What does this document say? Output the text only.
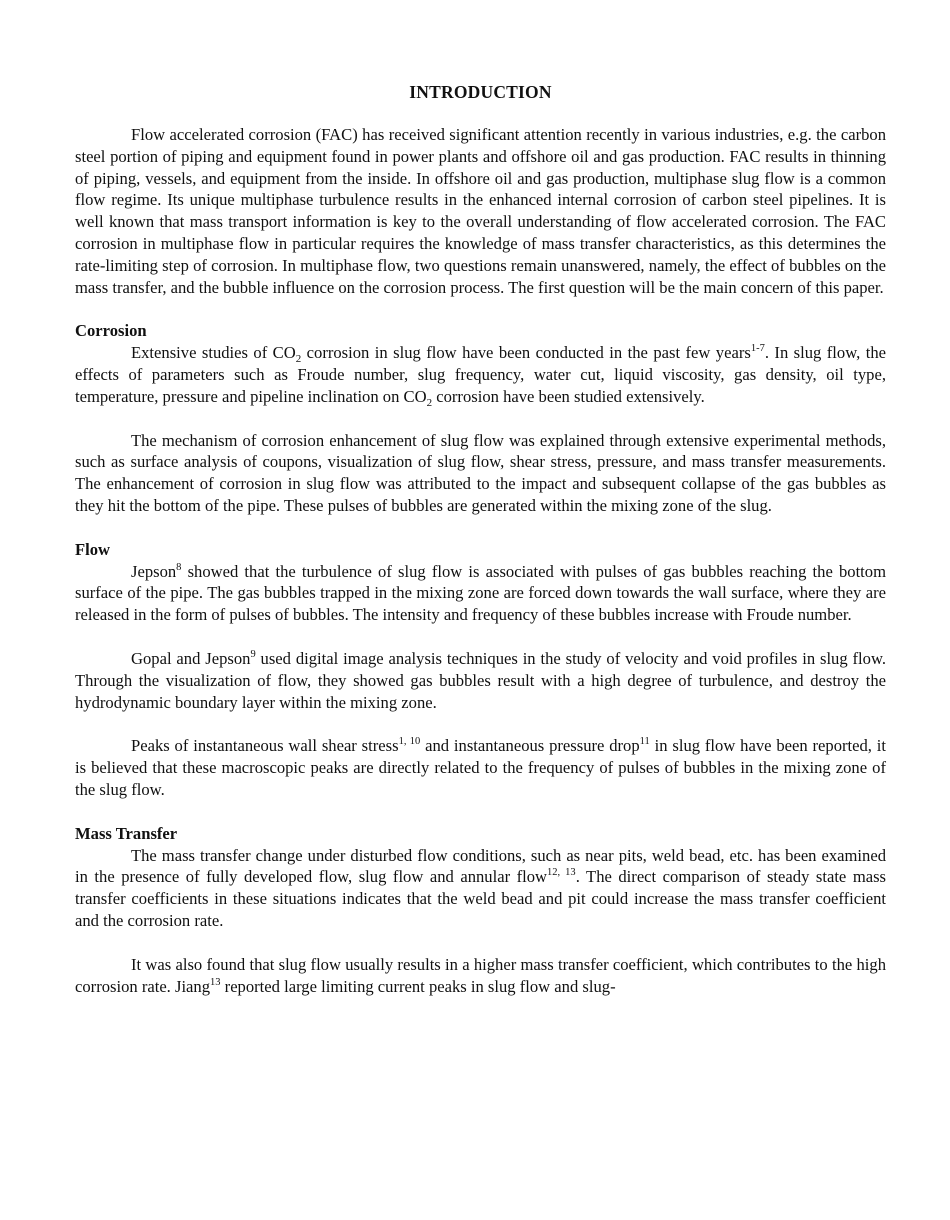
INTRODUCTION

Flow accelerated corrosion (FAC) has received significant attention recently in various industries, e.g. the carbon steel portion of piping and equipment found in power plants and offshore oil and gas production. FAC results in thinning of piping, vessels, and equipment from the inside. In offshore oil and gas production, multiphase slug flow is a common flow regime. Its unique multiphase turbulence results in the enhanced internal corrosion of carbon steel pipelines. It is well known that mass transport information is key to the overall understanding of flow accelerated corrosion. The FAC corrosion in multiphase flow in particular requires the knowledge of mass transfer characteristics, as this determines the rate-limiting step of corrosion. In multiphase flow, two questions remain unanswered, namely, the effect of bubbles on the mass transfer, and the bubble influence on the corrosion process. The first question will be the main concern of this paper.

Corrosion

Extensive studies of $CO_2$ corrosion in slug flow have been conducted in the past few years$^{1-7}$. In slug flow, the effects of parameters such as Froude number, slug frequency, water cut, liquid viscosity, gas density, oil type, temperature, pressure and pipeline inclination on $CO_2$ corrosion have been studied extensively.

The mechanism of corrosion enhancement of slug flow was explained through extensive experimental methods, such as surface analysis of coupons, visualization of slug flow, shear stress, pressure, and mass transfer measurements. The enhancement of corrosion in slug flow was attributed to the impact and subsequent collapse of the gas bubbles as they hit the bottom of the pipe. These pulses of bubbles are generated within the mixing zone of the slug.

Flow

Jepson$^8$ showed that the turbulence of slug flow is associated with pulses of gas bubbles reaching the bottom surface of the pipe. The gas bubbles trapped in the mixing zone are forced down towards the wall surface, where they are released in the form of pulses of bubbles. The intensity and frequency of these bubbles increase with Froude number.

Gopal and Jepson$^9$ used digital image analysis techniques in the study of velocity and void profiles in slug flow. Through the visualization of flow, they showed gas bubbles result with a high degree of turbulence, and destroy the hydrodynamic boundary layer within the mixing zone.

Peaks of instantaneous wall shear stress$^{1, 10}$ and instantaneous pressure drop$^{11}$ in slug flow have been reported, it is believed that these macroscopic peaks are directly related to the frequency of pulses of bubbles in the mixing zone of the slug flow.

Mass Transfer

The mass transfer change under disturbed flow conditions, such as near pits, weld bead, etc. has been examined in the presence of fully developed flow, slug flow and annular flow$^{12, 13}$. The direct comparison of steady state mass transfer coefficients in these situations indicates that the weld bead and pit could increase the mass transfer coefficient and the corrosion rate.

It was also found that slug flow usually results in a higher mass transfer coefficient, which contributes to the high corrosion rate. Jiang$^{13}$ reported large limiting current peaks in slug flow and slug-
